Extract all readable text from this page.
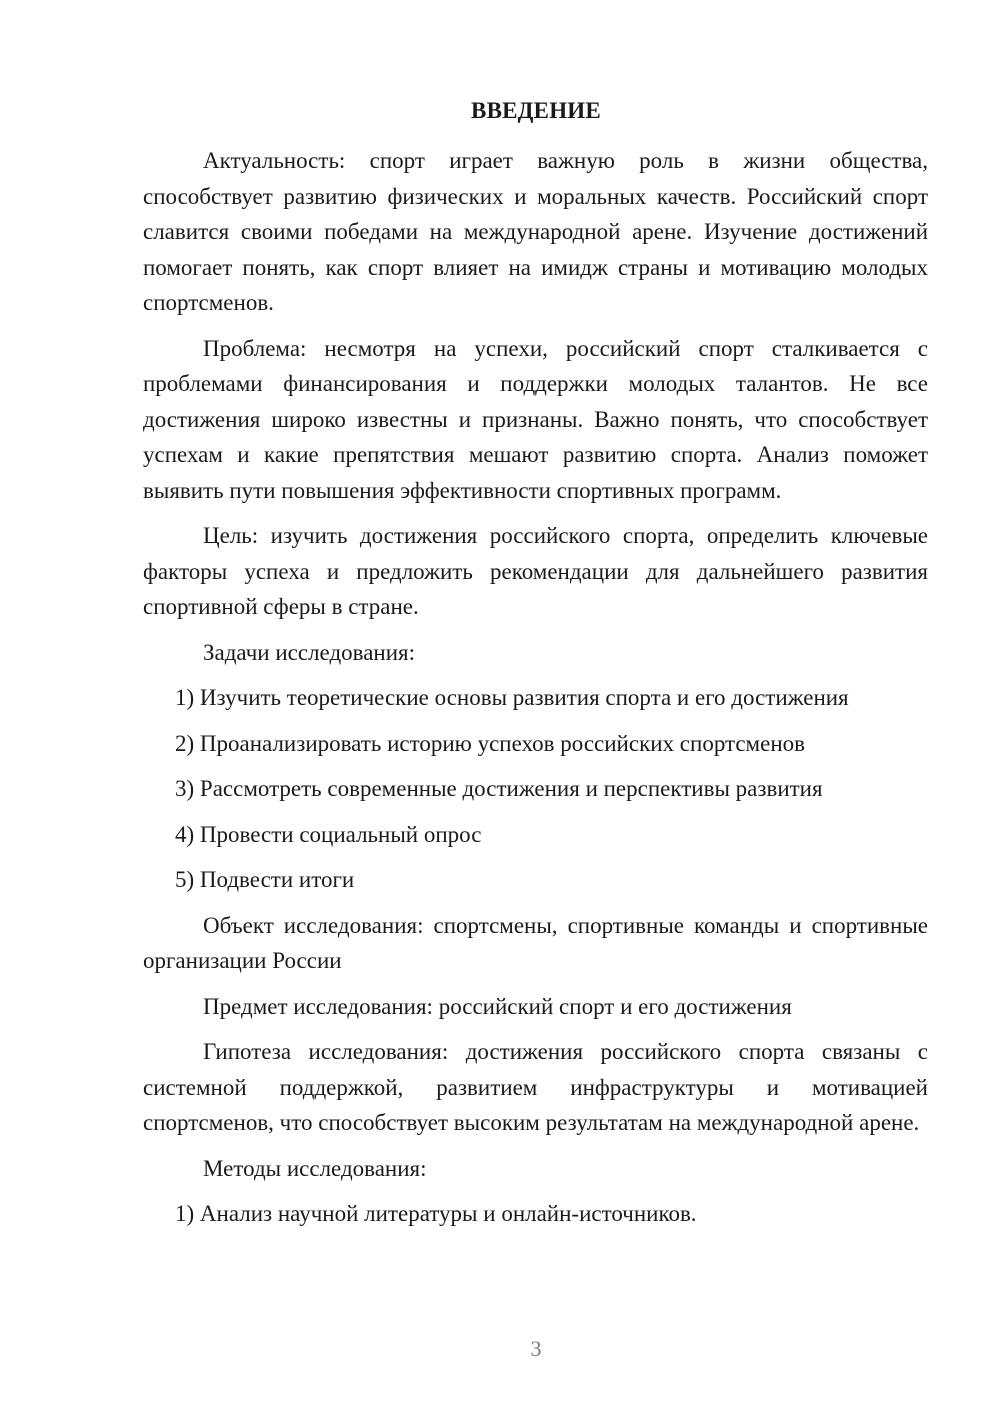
ВВЕДЕНИЕ

Актуальность: спорт играет важную роль в жизни общества, способствует развитию физических и моральных качеств. Российский спорт славится своими победами на международной арене. Изучение достижений помогает понять, как спорт влияет на имидж страны и мотивацию молодых спортсменов.

Проблема: несмотря на успехи, российский спорт сталкивается с проблемами финансирования и поддержки молодых талантов. Не все достижения широко известны и признаны. Важно понять, что способствует успехам и какие препятствия мешают развитию спорта. Анализ поможет выявить пути повышения эффективности спортивных программ.

Цель: изучить достижения российского спорта, определить ключевые факторы успеха и предложить рекомендации для дальнейшего развития спортивной сферы в стране.

Задачи исследования:

1) Изучить теоретические основы развития спорта и его достижения

2) Проанализировать историю успехов российских спортсменов

3) Рассмотреть современные достижения и перспективы развития

4) Провести социальный опрос

5) Подвести итоги

Объект исследования: спортсмены, спортивные команды и спортивные организации России

Предмет исследования: российский спорт и его достижения

Гипотеза исследования: достижения российского спорта связаны с системной поддержкой, развитием инфраструктуры и мотивацией спортсменов, что способствует высоким результатам на международной арене.

Методы исследования:

1) Анализ научной литературы и онлайн-источников.

3
